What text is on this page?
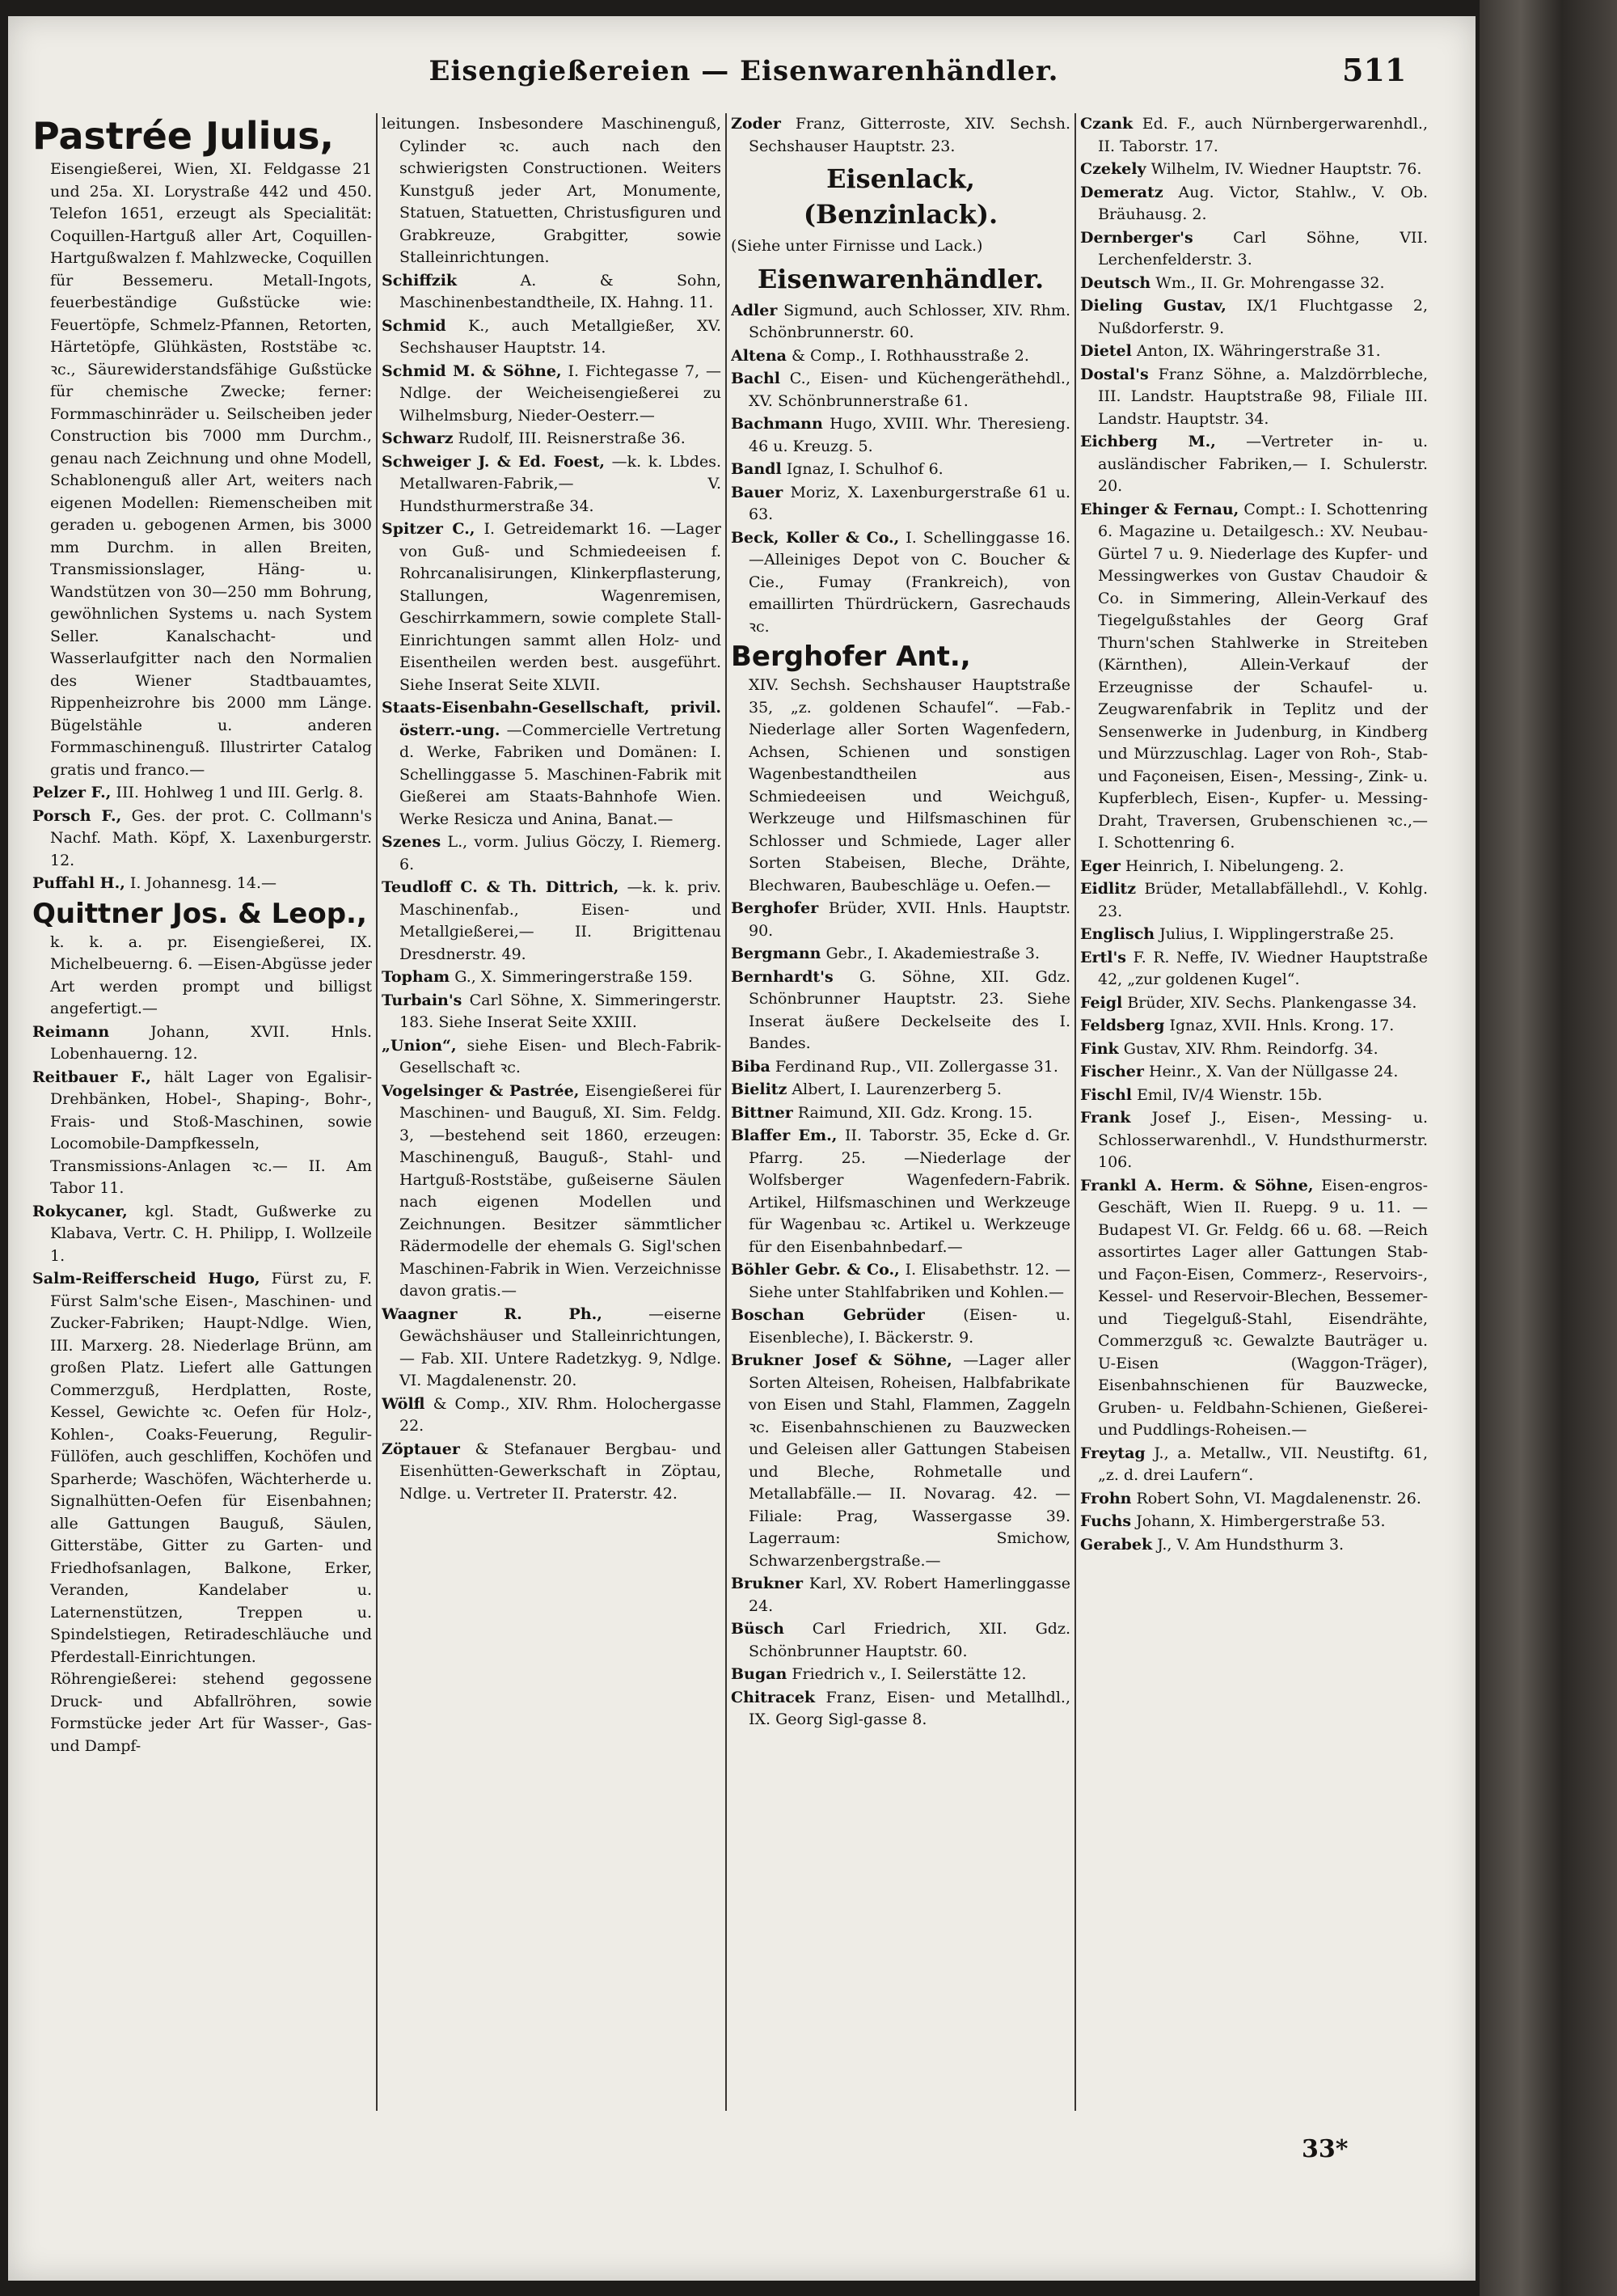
Eisengießereien — Eisenwarenhändler.	511
Pastrée Julius,
Eisengießerei, Wien, XI. Feldgasse 21 und 25a. XI. Lorystraße 442 und 450. Telefon 1651, erzeugt als Specialität: Coquillen-Hartguß aller Art, Coquillen-Hartgußwalzen f. Mahlzwecke, Coquillen für Bessemeru. Metall-Ingots, feuerbeständige Gußstücke wie: Feuertöpfe, Schmelz-Pfannen, Retorten, Härtetöpfe, Glühkästen, Roststäbe ꝛc. ꝛc., Säurewiderstandsfähige Gußstücke für chemische Zwecke; ferner: Formmaschinräder u. Seilscheiben jeder Construction bis 7000 mm Durchm., genau nach Zeichnung und ohne Modell, Schablonenguß aller Art, weiters nach eigenen Modellen: Riemenscheiben mit geraden u. gebogenen Armen, bis 3000 mm Durchm. in allen Breiten, Transmissionslager, Häng- u. Wandstützen von 30—250 mm Bohrung, gewöhnlichen Systems u. nach System Seller. Kanalschacht- und Wasserlaufgitter nach den Normalien des Wiener Stadtbauamtes, Rippenheizrohre bis 2000 mm Länge. Bügelstähle u. anderen Formmaschinenguß. Illustrirter Catalog gratis und franco.—
Pelzer F., III. Hohlweg 1 und III. Gerlg. 8.
Porsch F., Ges. der prot. C. Collmann's Nachf. Math. Köpf, X. Laxenburgerstr. 12.
Puffahl H., I. Johannesg. 14.—
Quittner Jos. & Leop.,
k. k. a. pr. Eisengießerei, IX. Michelbeuerng. 6. —Eisen-Abgüsse jeder Art werden prompt und billigst angefertigt.—
Reimann	Johann, XVII. Hnls. Lobenhauerng. 12.
Reitbauer F., hält Lager von Egalisir-Drehbänken, Hobel-, Shaping-, Bohr-, Frais- und Stoß-Maschinen, sowie Locomobile-Dampfkesseln, Transmissions-Anlagen ꝛc.— II. Am Tabor 11.
Rokycaner, kgl. Stadt, Gußwerke zu Klabava, Vertr. C. H. Philipp, I. Wollzeile 1.
Salm-Reifferscheid Hugo, Fürst zu, F. Fürst Salm'sche Eisen-, Maschinen- und Zucker-Fabriken; Haupt-Ndlge. Wien, III. Marxerg. 28. Niederlage Brünn, am großen Platz. Liefert alle Gattungen Commerzguß, Herdplatten, Roste, Kessel, Gewichte ꝛc. Oefen für Holz-, Kohlen-, Coaks-Feuerung, Regulir-Füllöfen, auch geschliffen, Kochöfen und Sparherde; Waschöfen, Wächterherde u. Signalhütten-Oefen für Eisenbahnen; alle Gattungen Bauguß, Säulen, Gitterstäbe, Gitter zu Garten- und Friedhofsanlagen, Balkone, Erker, Veranden, Kandelaber u. Laternenstützen, Treppen u. Spindelstiegen, Retiradeschläuche und Pferdestall-Einrichtungen. Röhrengießerei: stehend gegossene Druck- und Abfallröhren, sowie Formstücke jeder Art für Wasser-, Gas- und Dampf-
leitungen. Insbesondere Maschinenguß, Cylinder ꝛc. auch nach den schwierigsten Constructionen. Weiters Kunstguß jeder Art, Monumente, Statuen, Statuetten, Christusfiguren und Grabkreuze, Grabgitter, sowie Stalleinrichtungen.
Schiffzik	A. & Sohn, Maschinenbestandtheile, IX. Hahng. 11.
Schmid K., auch Metallgießer, XV. Sechshauser Hauptstr. 14.
Schmid M. & Söhne, I. Fichtegasse 7, —Ndlge. der Weicheisengießerei zu Wilhelmsburg, Nieder-Oesterr.—
Schwarz Rudolf, III. Reisnerstraße 36.
Schweiger J. & Ed. Foest, —k. k. Lbdes. Metallwaren-Fabrik,— V. Hundsthurmerstraße 34.
Spitzer C., I. Getreidemarkt 16. —Lager von Guß- und Schmiedeeisen f. Rohrcanalisirungen, Klinkerpflasterung, Stallungen, Wagenremisen, Geschirrkammern, sowie complete Stall-Einrichtungen sammt allen Holz- und Eisentheilen werden best. ausgeführt. Siehe Inserat Seite XLVII.
Staats-Eisenbahn-Gesellschaft, privil. österr.-ung. —Commercielle Vertretung d. Werke, Fabriken und Domänen: I. Schellinggasse 5. Maschinen-Fabrik mit Gießerei am Staats-Bahnhofe Wien. Werke Resicza und Anina, Banat.—
Szenes L., vorm. Julius Göczy, I. Riemerg. 6.
Teudloff C. & Th. Dittrich, —k. k. priv. Maschinenfab., Eisen- und Metallgießerei,— II. Brigittenau Dresdnerstr. 49.
Topham G., X. Simmeringerstraße 159.
Turbain's Carl Söhne, X. Simmeringerstr. 183. Siehe Inserat Seite XXIII.
„Union“, siehe Eisen- und Blech-Fabrik-Gesellschaft ꝛc.
Vogelsinger & Pastrée, Eisengießerei für Maschinen- und Bauguß, XI. Sim. Feldg. 3, —bestehend seit 1860, erzeugen: Maschinenguß, Bauguß-, Stahl- und Hartguß-Roststäbe, gußeiserne Säulen nach eigenen Modellen und Zeichnungen. Besitzer sämmtlicher Rädermodelle der ehemals G. Sigl'schen Maschinen-Fabrik in Wien. Verzeichnisse davon gratis.—
Waagner R. Ph.,	—eiserne Gewächshäuser und Stalleinrichtungen,— Fab. XII. Untere Radetzkyg. 9, Ndlge. VI. Magdalenenstr. 20.
Wölfl & Comp., XIV. Rhm. Holochergasse 22.
Zöptauer & Stefanauer Bergbau- und Eisenhütten-Gewerkschaft in Zöptau, Ndlge. u. Vertreter II. Praterstr. 42.
Zoder Franz, Gitterroste, XIV. Sechsh. Sechshauser Hauptstr. 23.
Eisenlack, (Benzinlack).
(Siehe unter Firnisse und Lack.)
Eisenwarenhändler.
Adler Sigmund, auch Schlosser, XIV. Rhm. Schönbrunnerstr. 60.
Altena & Comp., I. Rothhausstraße 2.
Bachl C., Eisen- und Küchengeräthehdl., XV. Schönbrunnerstraße 61.
Bachmann Hugo, XVIII. Whr. Theresieng. 46 u. Kreuzg. 5.
Bandl Ignaz, I. Schulhof 6.
Bauer Moriz, X. Laxenburgerstraße 61 u. 63.
Beck, Koller & Co., I. Schellinggasse 16. —Alleiniges Depot von C. Boucher & Cie., Fumay (Frankreich), von emaillirten Thürdrückern, Gasrechauds ꝛc.
Berghofer Ant.,
XIV. Sechsh. Sechshauser Hauptstraße 35, „z. goldenen Schaufel“. —Fab.-Niederlage aller Sorten Wagenfedern, Achsen, Schienen und sonstigen Wagenbestandtheilen aus Schmiedeeisen und Weichguß, Werkzeuge und Hilfsmaschinen für Schlosser und Schmiede, Lager aller Sorten Stabeisen, Bleche, Drähte, Blechwaren, Baubeschläge u. Oefen.—
Berghofer Brüder, XVII. Hnls. Hauptstr. 90.
Bergmann Gebr., I. Akademiestraße 3.
Bernhardt's G. Söhne, XII. Gdz. Schönbrunner Hauptstr. 23. Siehe Inserat äußere Deckelseite des I. Bandes.
Biba Ferdinand Rup., VII. Zollergasse 31.
Bielitz Albert, I. Laurenzerberg 5.
Bittner Raimund, XII. Gdz. Krong. 15.
Blaffer Em., II. Taborstr. 35, Ecke d. Gr. Pfarrg. 25. —Niederlage der Wolfsberger Wagenfedern-Fabrik. Artikel, Hilfsmaschinen und Werkzeuge für Wagenbau ꝛc. Artikel u. Werkzeuge für den Eisenbahnbedarf.—
Böhler Gebr. & Co., I. Elisabethstr. 12. —Siehe unter Stahlfabriken und Kohlen.—
Boschan Gebrüder (Eisen- u. Eisenbleche), I. Bäckerstr. 9.
Brukner Josef & Söhne, —Lager aller Sorten Alteisen, Roheisen, Halbfabrikate von Eisen und Stahl, Flammen, Zaggeln ꝛc. Eisenbahnschienen zu Bauzwecken und Geleisen aller Gattungen Stabeisen und Bleche, Rohmetalle und Metallabfälle.— II. Novarag. 42. —Filiale: Prag, Wassergasse 39. Lagerraum: Smichow, Schwarzenbergstraße.—
Brukner Karl, XV. Robert Hamerlinggasse 24.
Büsch Carl Friedrich, XII. Gdz. Schönbrunner Hauptstr. 60.
Bugan Friedrich v., I. Seilerstätte 12.
Chitracek Franz, Eisen- und Metallhdl., IX. Georg Sigl-gasse 8.
Czank Ed. F., auch Nürnbergerwarenhdl., II. Taborstr. 17.
Czekely Wilhelm, IV. Wiedner Hauptstr. 76.
Demeratz Aug. Victor, Stahlw., V. Ob. Bräuhausg. 2.
Dernberger's	Carl Söhne, VII. Lerchenfelderstr. 3.
Deutsch Wm., II. Gr. Mohrengasse 32.
Dieling Gustav, IX/1 Fluchtgasse 2, Nußdorferstr. 9.
Dietel Anton, IX. Währingerstraße 31.
Dostal's Franz Söhne, a. Malzdörrbleche, III. Landstr. Hauptstraße 98, Filiale III. Landstr. Hauptstr. 34.
Eichberg M., —Vertreter in- u. ausländischer Fabriken,— I. Schulerstr. 20.
Ehinger & Fernau, Compt.: I. Schottenring 6. Magazine u. Detailgesch.: XV. Neubau-Gürtel 7 u. 9. Niederlage des Kupfer- und Messingwerkes von Gustav Chaudoir & Co. in Simmering, Allein-Verkauf des Tiegelgußstahles der Georg Graf Thurn'schen Stahlwerke in Streiteben (Kärnthen), Allein-Verkauf der Erzeugnisse der Schaufel- u. Zeugwarenfabrik in Teplitz und der Sensenwerke in Judenburg, in Kindberg und Mürzzuschlag. Lager von Roh-, Stab- und Façoneisen, Eisen-, Messing-, Zink- u. Kupferblech, Eisen-, Kupfer- u. Messing-Draht, Traversen, Grubenschienen ꝛc.,— I. Schottenring 6.
Eger Heinrich, I. Nibelungeng. 2.
Eidlitz Brüder, Metallabfällehdl., V. Kohlg. 23.
Englisch Julius, I. Wipplingerstraße 25.
Ertl's F. R. Neffe, IV. Wiedner Hauptstraße 42, „zur goldenen Kugel“.
Feigl Brüder, XIV. Sechs. Plankengasse 34.
Feldsberg Ignaz, XVII. Hnls. Krong. 17.
Fink Gustav, XIV. Rhm. Reindorfg. 34.
Fischer Heinr., X. Van der Nüllgasse 24.
Fischl Emil, IV/4 Wienstr. 15b.
Frank Josef J., Eisen-, Messing- u. Schlosserwarenhdl., V. Hundsthurmerstr. 106.
Frankl A. Herm. & Söhne, Eisen-engros-Geschäft, Wien II. Ruepg. 9 u. 11. —Budapest VI. Gr. Feldg. 66 u. 68. —Reich assortirtes Lager aller Gattungen Stab- und Façon-Eisen, Commerz-, Reservoirs-, Kessel- und Reservoir-Blechen, Bessemer- und Tiegelguß-Stahl, Eisendrähte, Commerzguß ꝛc. Gewalzte Bauträger u. U-Eisen (Waggon-Träger), Eisenbahnschienen für Bauzwecke, Gruben- u. Feldbahn-Schienen, Gießerei- und Puddlings-Roheisen.—
Freytag J., a. Metallw., VII. Neustiftg. 61, „z. d. drei Laufern“.
Frohn Robert Sohn, VI. Magdalenenstr. 26.
Fuchs Johann, X. Himbergerstraße 53.
Gerabek J., V. Am Hundsthurm 3.
33*
